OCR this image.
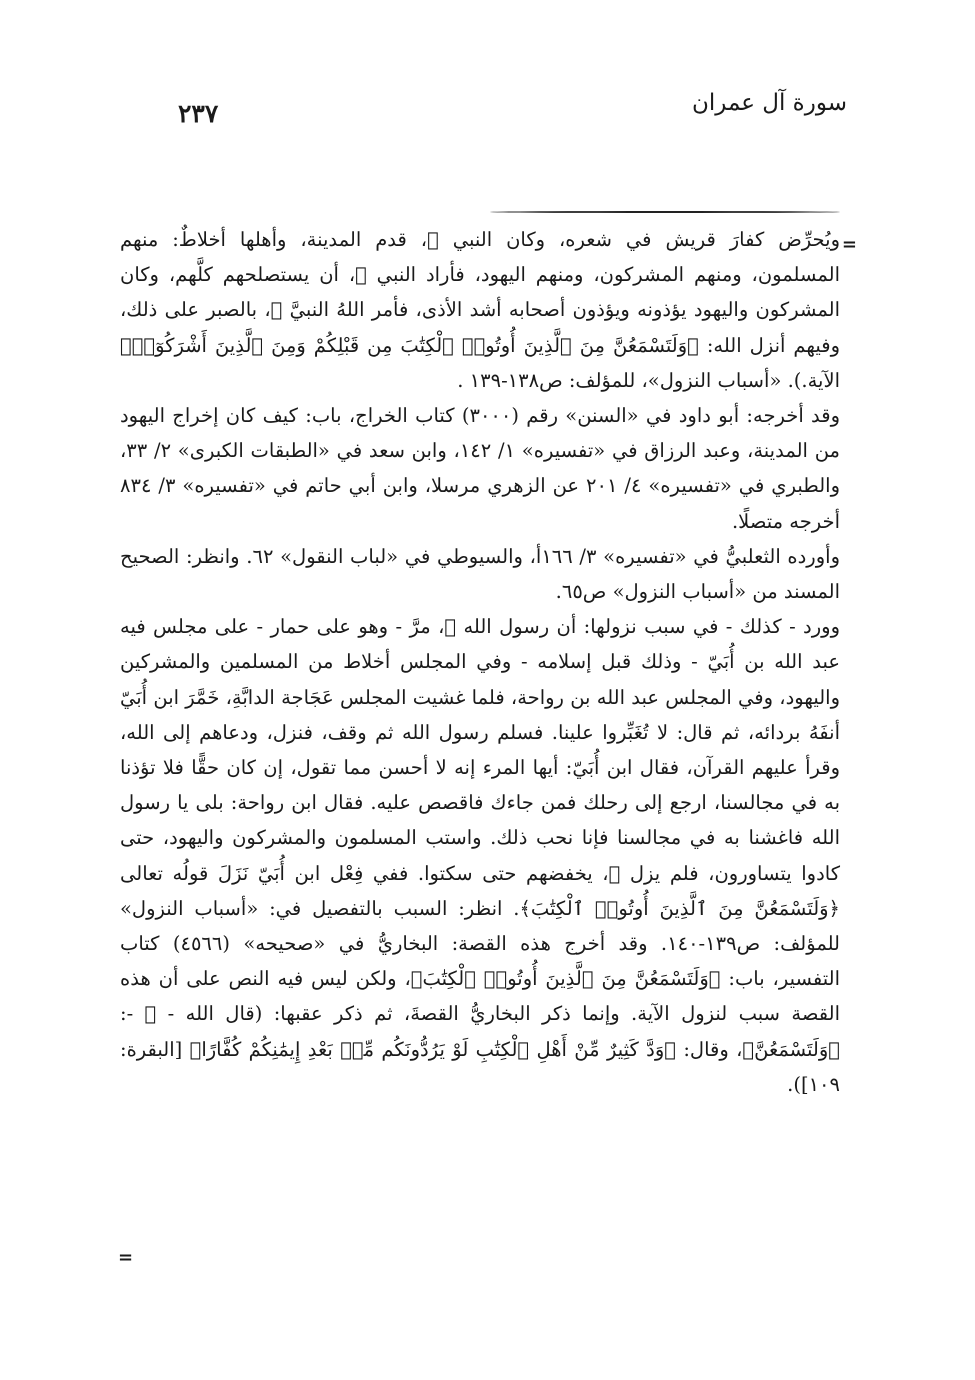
سورة آل عمران
٢٣٧
=

ويُحرِّض كفارَ قريش في شعره، وكان النبي ﷺ، قدم المدينة، وأهلها أخلاطٌ: منهم المسلمون، ومنهم المشركون، ومنهم اليهود، فأراد النبي ﷺ، أن يستصلحهم كلَّهم، وكان المشركون واليهود يؤذونه ويؤذون أصحابه أشد الأذى، فأمر اللهُ النبيَّ ﷺ، بالصبر على ذلك، وفيهم أنزل الله: ﴿وَلَتَسْمَعُنَّ مِنَ ٱلَّذِينَ أُوتُوا۟ ٱلْكِتَٰبَ مِن قَبْلِكُمْ وَمِنَ ٱلَّذِينَ أَشْرَكُوٓا۟﴾ الآية.). «أسباب النزول»، للمؤلف: ص١٣٨-١٣٩ .

وقد أخرجه: أبو داود في «السنن» رقم (٣٠٠٠) كتاب الخراج، باب: كيف كان إخراج اليهود من المدينة، وعبد الرزاق في «تفسيره» ١/ ١٤٢، وابن سعد في «الطبقات الكبرى» ٢/ ٣٣، والطبري في «تفسيره» ٤/ ٢٠١ عن الزهري مرسلا، وابن أبي حاتم في «تفسيره» ٣/ ٨٣٤ أخرجه متصلًا.

وأورده الثعلبيُّ في «تفسيره» ٣/ ١٦٦أ، والسيوطي في «لباب النقول» ٦٢. وانظر: الصحيح المسند من «أسباب النزول» ص٦٥.

وورد - كذلك - في سبب نزولها: أن رسول الله ﷺ، مرَّ - وهو على حمار - على مجلس فيه عبد الله بن أُبَيّ - وذلك قبل إسلامه - وفي المجلس أخلاط من المسلمين والمشركين واليهود، وفي المجلس عبد الله بن رواحة، فلما غشيت المجلس عَجَاجة الدابَّةِ، خَمَّرَ ابن أُبَيّ أنفَهُ بردائه، ثم قال: لا تُغَبِّروا علينا. فسلم رسول الله ثم وقف، فنزل، ودعاهم إلى الله، وقرأ عليهم القرآن، فقال ابن أُبَيّ: أيها المرء إنه لا أحسن مما تقول، إن كان حقًّا فلا تؤذنا به في مجالسنا، ارجع إلى رحلك فمن جاءك فاقصص عليه. فقال ابن رواحة: بلى يا رسول الله فاغشنا به في مجالسنا فإنا نحب ذلك. واستب المسلمون والمشركون واليهود، حتى كادوا يتساورون، فلم يزل ﷺ، يخفضهم حتى سكتوا. ففي فِعْل ابن أُبَيّ نَزَلَ قولُه تعالى ﴿وَلَتَسْمَعُنَّ مِنَ ٱلَّذِينَ أُوتُوا۟ ٱلْكِتَٰبَ﴾. انظر: السبب بالتفصيل في: «أسباب النزول» للمؤلف: ص١٣٩-١٤٠. وقد أخرج هذه القصة: البخاريُّ في «صحيحه» (٤٥٦٦) كتاب التفسير، باب: ﴿وَلَتَسْمَعُنَّ مِنَ ٱلَّذِينَ أُوتُوا۟ ٱلْكِتَٰبَ﴾، ولكن ليس فيه النص على أن هذه القصة سبب لنزول الآية. وإنما ذكر البخاريُّ القصةَ، ثم ذكر عقبها: (قال الله - ﷻ -: ﴿وَلَتَسْمَعُنَّ﴾، وقال: ﴿وَدَّ كَثِيرٌ مِّنْ أَهْلِ ٱلْكِتَٰبِ لَوْ يَرُدُّونَكُم مِّنۢ بَعْدِ إِيمَٰنِكُمْ كُفَّارًا﴾ [البقرة: ١٠٩]).

=
